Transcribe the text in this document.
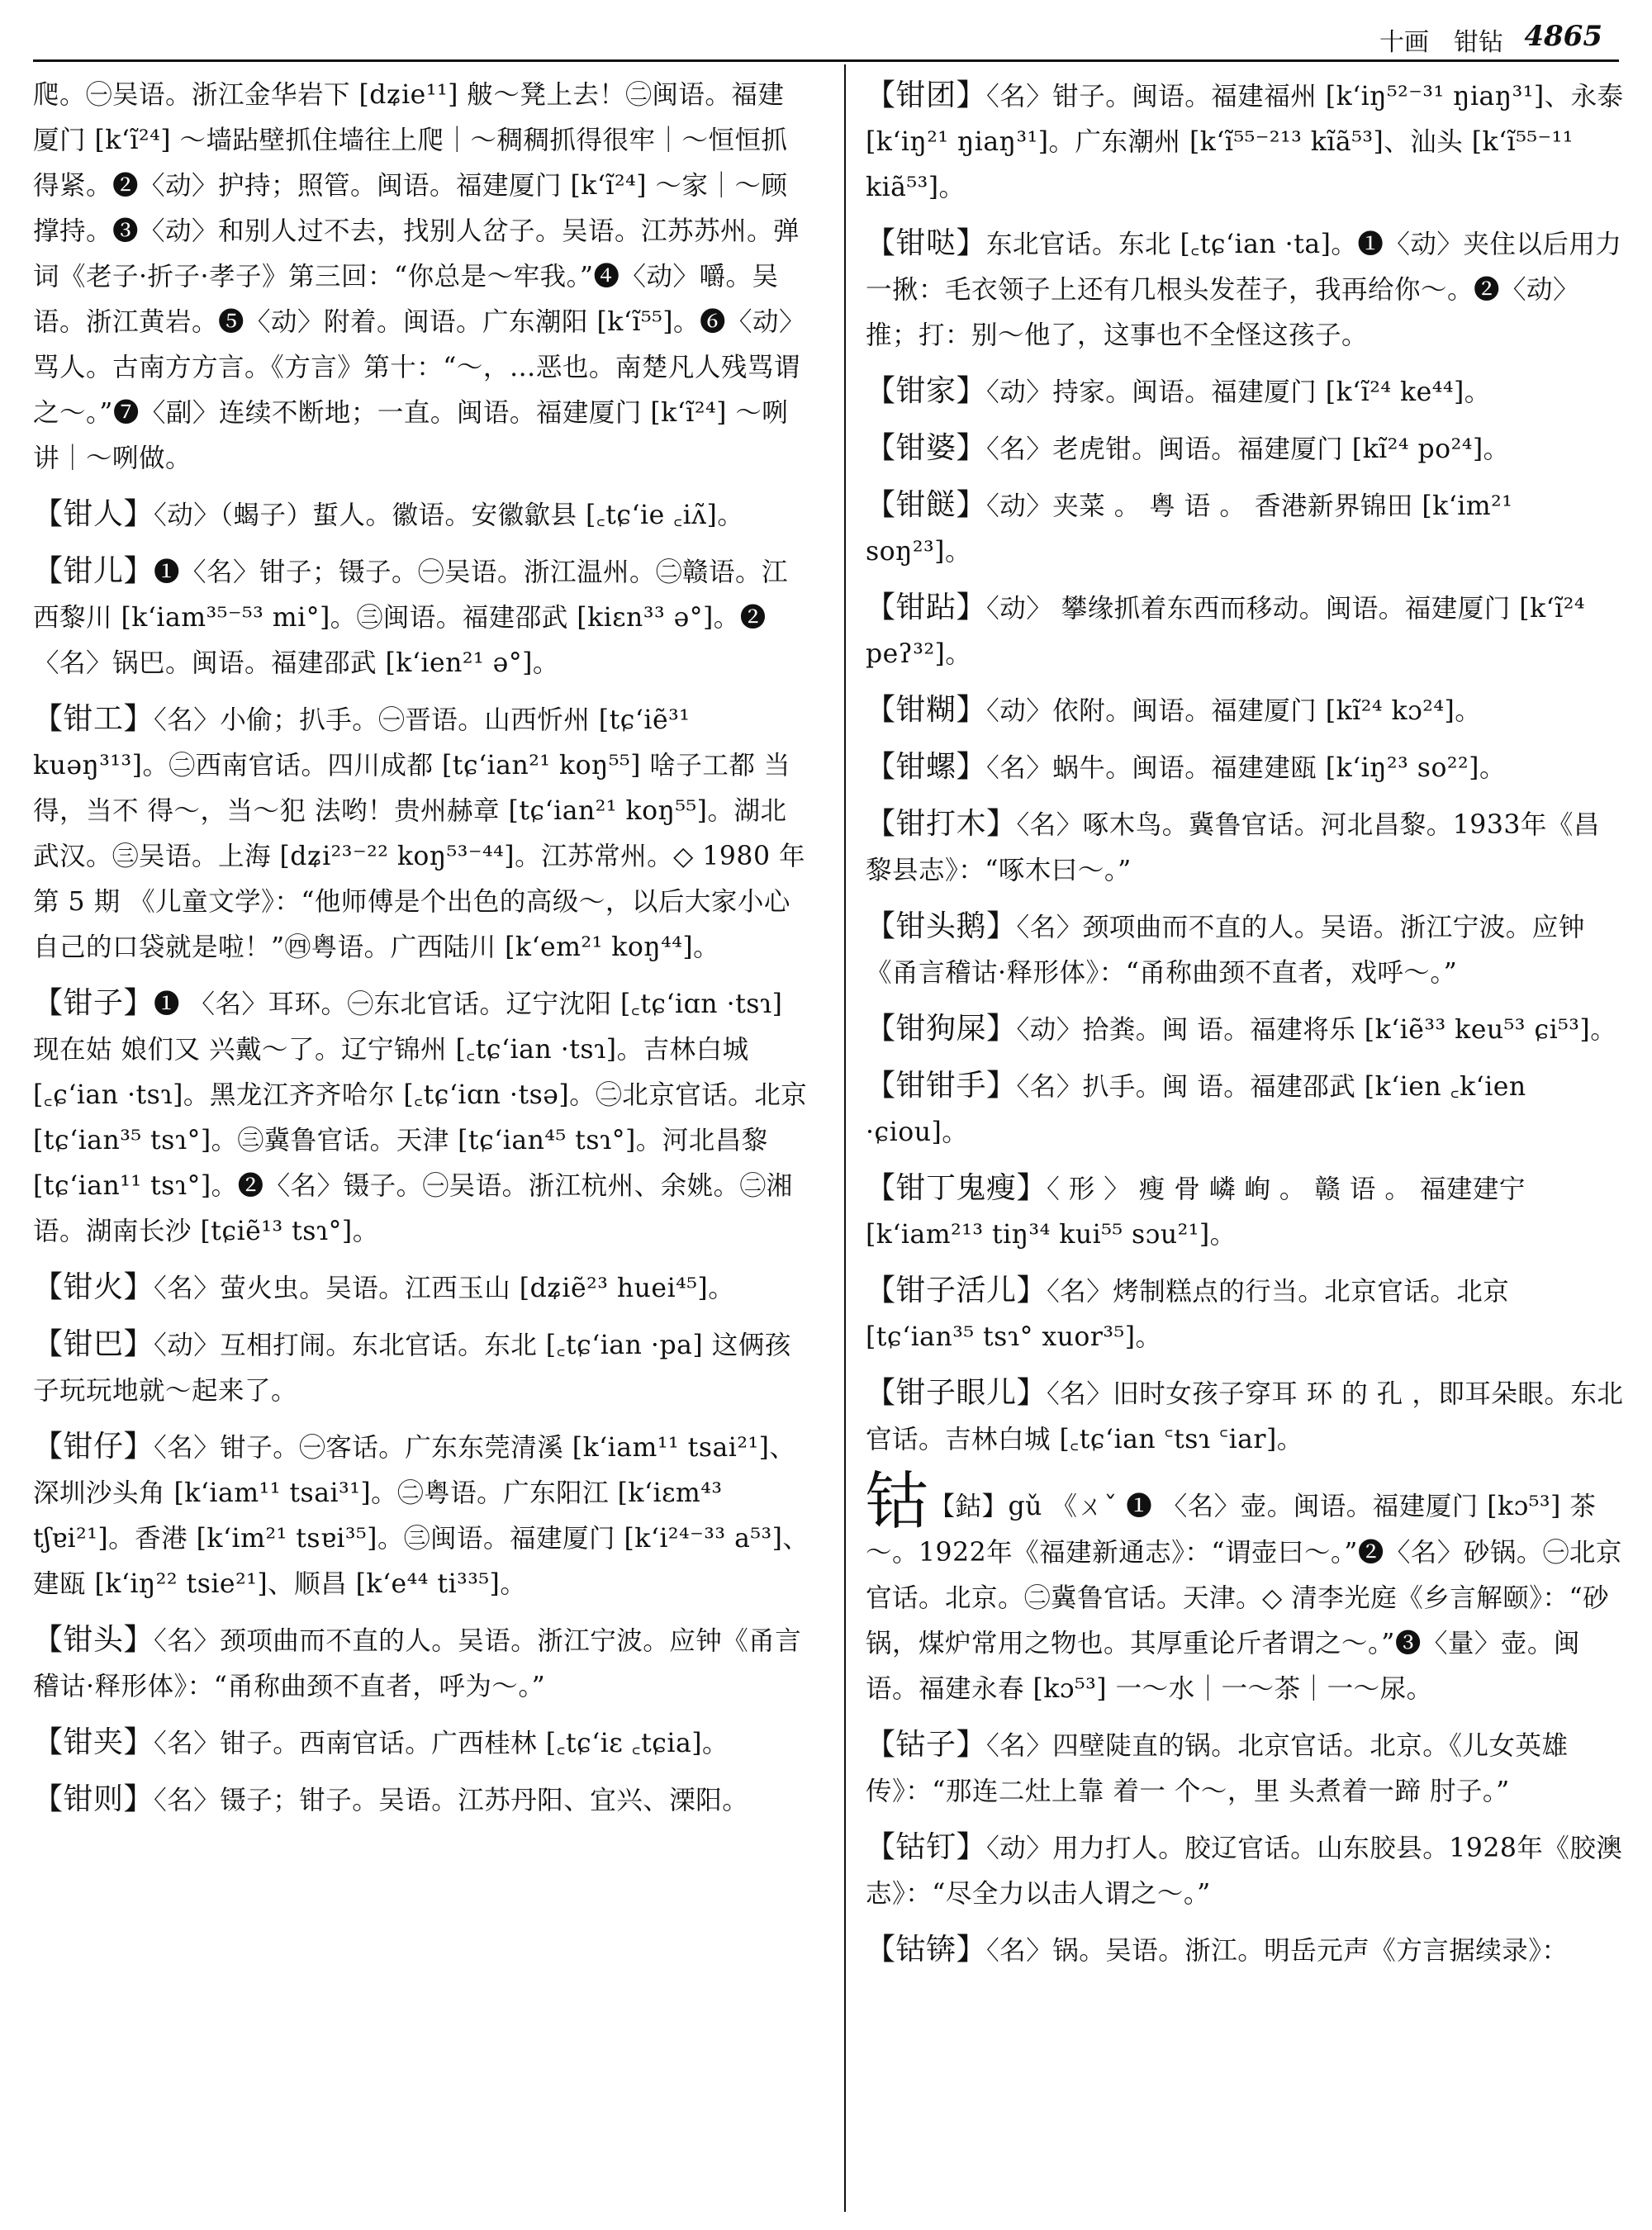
十画　钳钻 4865
爬。㊀吴语。浙江金华岩下 [dʑie¹¹] 𦨭～凳上去！㊁闽语。福建厦门 [kʻĩ²⁴] ～墙跕壁抓住墙往上爬｜～稠稠抓得很牢｜～恒恒抓得紧。❷〈动〉护持；照管。闽语。福建厦门 [kʻĩ²⁴] ～家｜～顾撑持。❸〈动〉和别人过不去，找别人岔子。吴语。江苏苏州。弹词《老子·折子·孝子》第三回：“你总是～牢我。”❹〈动〉嚼。吴语。浙江黄岩。❺〈动〉附着。闽语。广东潮阳 [kʻĩ⁵⁵]。❻〈动〉骂人。古南方方言。《方言》第十：“～，…恶也。南楚凡人残骂谓之～。”❼〈副〉连续不断地；一直。闽语。福建厦门 [kʻĩ²⁴] ～咧讲｜～咧做。
【钳人】〈动〉（蝎子）蜇人。徽语。安徽歙县 [꜀tɕʻie ꜀iʌ̃]。
【钳儿】❶〈名〉钳子；镊子。㊀吴语。浙江温州。㊁赣语。江西黎川 [kʻiam³⁵⁻⁵³ mi°]。㊂闽语。福建邵武 [kiɛn³³ ə°]。❷〈名〉锅巴。闽语。福建邵武 [kʻien²¹ ə°]。
【钳工】〈名〉小偷；扒手。㊀晋语。山西忻州 [tɕʻiẽ³¹ kuəŋ³¹³]。㊁西南官话。四川成都 [tɕʻian²¹ koŋ⁵⁵] 啥子工都 当得，当不 得～，当～犯 法哟！贵州赫章 [tɕʻian²¹ koŋ⁵⁵]。湖北武汉。㊂吴语。上海 [dʑi²³⁻²² koŋ⁵³⁻⁴⁴]。江苏常州。◇ 1980 年 第 5 期 《儿童文学》：“他师傅是个出色的高级～，以后大家小心自己的口袋就是啦！”㊃粤语。广西陆川 [kʻem²¹ koŋ⁴⁴]。
【钳子】❶ 〈名〉耳环。㊀东北官话。辽宁沈阳 [꜀tɕʻiɑn ·tsɿ] 现在姑 娘们又 兴戴～了。辽宁锦州 [꜀tɕʻian ·tsɿ]。吉林白城 [꜀ɕʻian ·tsɿ]。黑龙江齐齐哈尔 [꜀tɕʻiɑn ·tsə]。㊁北京官话。北京 [tɕʻian³⁵ tsɿ°]。㊂冀鲁官话。天津 [tɕʻian⁴⁵ tsɿ°]。河北昌黎 [tɕʻian¹¹ tsɿ°]。❷〈名〉镊子。㊀吴语。浙江杭州、余姚。㊁湘语。湖南长沙 [tɕiẽ¹³ tsɿ°]。
【钳火】〈名〉萤火虫。吴语。江西玉山 [dʑiẽ²³ huei⁴⁵]。
【钳巴】〈动〉互相打闹。东北官话。东北 [꜀tɕʻian ·pa] 这俩孩子玩玩地就～起来了。
【钳仔】〈名〉钳子。㊀客话。广东东莞清溪 [kʻiam¹¹ tsai²¹]、深圳沙头角 [kʻiam¹¹ tsai³¹]。㊁粤语。广东阳江 [kʻiɛm⁴³ tʃɐi²¹]。香港 [kʻim²¹ tsɐi³⁵]。㊂闽语。福建厦门 [kʻi²⁴⁻³³ a⁵³]、建瓯 [kʻiŋ²² tsie²¹]、顺昌 [kʻe⁴⁴ ti³³⁵]。
【钳头】〈名〉颈项曲而不直的人。吴语。浙江宁波。应钟《甬言稽诂·释形体》：“甬称曲颈不直者，呼为～。”
【钳夹】〈名〉钳子。西南官话。广西桂林 [꜀tɕʻiɛ ꜀tɕia]。
【钳则】〈名〉镊子；钳子。吴语。江苏丹阳、宜兴、溧阳。
【钳团】〈名〉钳子。闽语。福建福州 [kʻiŋ⁵²⁻³¹ ŋiaŋ³¹]、永泰 [kʻiŋ²¹ ŋiaŋ³¹]。广东潮州 [kʻĩ⁵⁵⁻²¹³ kĩã⁵³]、汕头 [kʻĩ⁵⁵⁻¹¹ kiã⁵³]。
【钳哒】东北官话。东北 [꜀tɕʻian ·ta]。❶〈动〉夹住以后用力一揪：毛衣领子上还有几根头发茬子，我再给你～。❷〈动〉推；打：别～他了，这事也不全怪这孩子。
【钳家】〈动〉持家。闽语。福建厦门 [kʻĩ²⁴ ke⁴⁴]。
【钳婆】〈名〉老虎钳。闽语。福建厦门 [kĩ²⁴ po²⁴]。
【钳餸】〈动〉夹菜 。 粤 语 。 香港新界锦田 [kʻim²¹ soŋ²³]。
【钳跕】〈动〉 攀缘抓着东西而移动。闽语。福建厦门 [kʻĩ²⁴ peʔ³²]。
【钳糊】〈动〉依附。闽语。福建厦门 [kĩ²⁴ kɔ²⁴]。
【钳螺】〈名〉蜗牛。闽语。福建建瓯 [kʻiŋ²³ so²²]。
【钳打木】〈名〉啄木鸟。冀鲁官话。河北昌黎。1933年《昌黎县志》：“啄木曰～。”
【钳头鹅】〈名〉颈项曲而不直的人。吴语。浙江宁波。应钟《甬言稽诂·释形体》：“甬称曲颈不直者，戏呼～。”
【钳狗屎】〈动〉拾粪。闽 语。福建将乐 [kʻiẽ³³ keu⁵³ ɕi⁵³]。
【钳钳手】〈名〉扒手。闽 语。福建邵武 [kʻien ꜀kʻien ·ɕiou]。
【钳丁鬼瘦】〈 形 〉 瘦 骨 嶙 峋 。 赣 语 。 福建建宁 [kʻiam²¹³ tiŋ³⁴ kui⁵⁵ sɔu²¹]。
【钳子活儿】〈名〉烤制糕点的行当。北京官话。北京 [tɕʻian³⁵ tsɿ° xuor³⁵]。
【钳子眼儿】〈名〉旧时女孩子穿耳 环 的 孔 ，即耳朵眼。东北官话。吉林白城 [꜀tɕʻian ꜂tsɿ ꜂iar]。
钴【鈷】gǔ 《ㄨˇ ❶ 〈名〉壶。闽语。福建厦门 [kɔ⁵³] 茶～。1922年《福建新通志》：“谓壶曰～。”❷〈名〉砂锅。㊀北京官话。北京。㊁冀鲁官话。天津。◇ 清李光庭《乡言解颐》：“砂锅，煤炉常用之物也。其厚重论斤者谓之～。”❸〈量〉壶。闽语。福建永春 [kɔ⁵³] 一～水｜一～茶｜一～尿。
【钴子】〈名〉四壁陡直的锅。北京官话。北京。《儿女英雄传》：“那连二灶上靠 着一 个～，里 头煮着一蹄 肘子。”
【钴钉】〈动〉用力打人。胶辽官话。山东胶县。1928年《胶澳志》：“尽全力以击人谓之～。”
【钴锛】〈名〉锅。吴语。浙江。明岳元声《方言据续录》：
